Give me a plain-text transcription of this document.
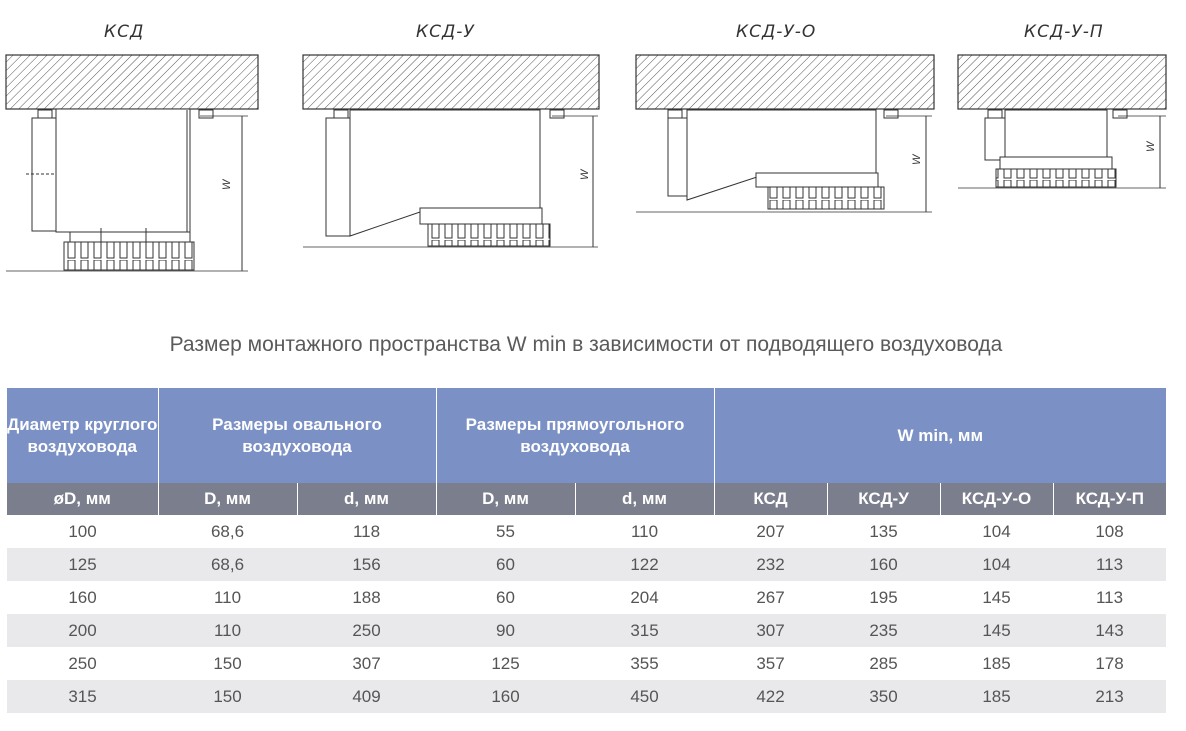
КСД	КСД-У	КСД-У-О	КСД-У-П
W
W
W
W
Размер монтажного пространства W min в зависимости от подводящего воздуховода
Диаметр круглого воздуховода	Размеры овального воздуховода		Размеры прямоугольного воздуховода		W min, мм			
øD, мм	D, мм	d, мм	D, мм	d, мм	КСД	КСД-У	КСД-У-О	КСД-У-П
100	68,6	118	55	110	207	135	104	108
125	68,6	156	60	122	232	160	104	113
160	110	188	60	204	267	195	145	113
200	110	250	90	315	307	235	145	143
250	150	307	125	355	357	285	185	178
315	150	409	160	450	422	350	185	213
